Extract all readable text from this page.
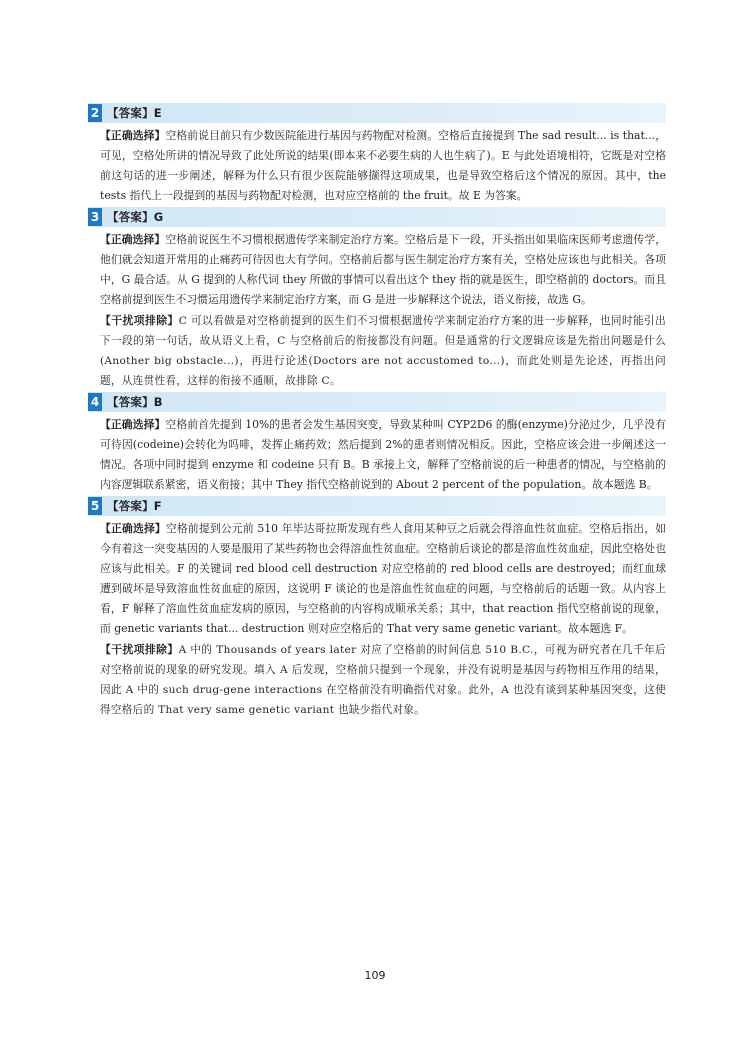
2 【答案】E
【正确选择】空格前说目前只有少数医院能进行基因与药物配对检测。空格后直接提到 The sad result... is that...，可见，空格处所讲的情况导致了此处所说的结果(即本来不必要生病的人也生病了)。E 与此处语境相符，它既是对空格前这句话的进一步阐述，解释为什么只有很少医院能够撷得这项成果，也是导致空格后这个情况的原因。其中，the tests 指代上一段提到的基因与药物配对检测，也对应空格前的 the fruit。故 E 为答案。
3 【答案】G
【正确选择】空格前说医生不习惯根据遗传学来制定治疗方案。空格后是下一段，开头指出如果临床医师考虑遗传学，他们就会知道开常用的止痛药可待因也大有学问。空格前后都与医生制定治疗方案有关，空格处应该也与此相关。各项中，G 最合适。从 G 提到的人称代词 they 所做的事情可以看出这个 they 指的就是医生，即空格前的 doctors。而且空格前提到医生不习惯运用遗传学来制定治疗方案，而 G 是进一步解释这个说法，语义衔接，故选 G。
【干扰项排除】C 可以看做是对空格前提到的医生们不习惯根据遗传学来制定治疗方案的进一步解释，也同时能引出下一段的第一句话，故从语义上看，C 与空格前后的衔接都没有问题。但是通常的行文逻辑应该是先指出问题是什么(Another big obstacle...)，再进行论述(Doctors are not accustomed to...)，而此处则是先论述，再指出问题，从连贯性看，这样的衔接不通顺，故排除 C。
4 【答案】B
【正确选择】空格前首先提到 10%的患者会发生基因突变，导致某种叫 CYP2D6 的酶(enzyme)分泌过少，几乎没有可待因(codeine)会转化为吗啡，发挥止痛药效；然后提到 2%的患者则情况相反。因此，空格应该会进一步阐述这一情况。各项中同时提到 enzyme 和 codeine 只有 B。B 承接上文，解释了空格前说的后一种患者的情况，与空格前的内容逻辑联系紧密，语义衔接；其中 They 指代空格前说到的 About 2 percent of the population。故本题选 B。
5 【答案】F
【正确选择】空格前提到公元前 510 年毕达哥拉斯发现有些人食用某种豆之后就会得溶血性贫血症。空格后指出，如今有着这一突变基因的人要是服用了某些药物也会得溶血性贫血症。空格前后谈论的都是溶血性贫血症，因此空格处也应该与此相关。F 的关键词 red blood cell destruction 对应空格前的 red blood cells are destroyed；而红血球遭到破坏是导致溶血性贫血症的原因，这说明 F 谈论的也是溶血性贫血症的问题，与空格前后的话题一致。从内容上看，F 解释了溶血性贫血症发病的原因，与空格前的内容构成顺承关系；其中，that reaction 指代空格前说的现象，而 genetic variants that... destruction 则对应空格后的 That very same genetic variant。故本题选 F。
【干扰项排除】A 中的 Thousands of years later 对应了空格前的时间信息 510 B.C.，可视为研究者在几千年后对空格前说的现象的研究发现。填入 A 后发现，空格前只提到一个现象，并没有说明是基因与药物相互作用的结果，因此 A 中的 such drug-gene interactions 在空格前没有明确指代对象。此外，A 也没有谈到某种基因突变，这使得空格后的 That very same genetic variant 也缺少指代对象。
109
